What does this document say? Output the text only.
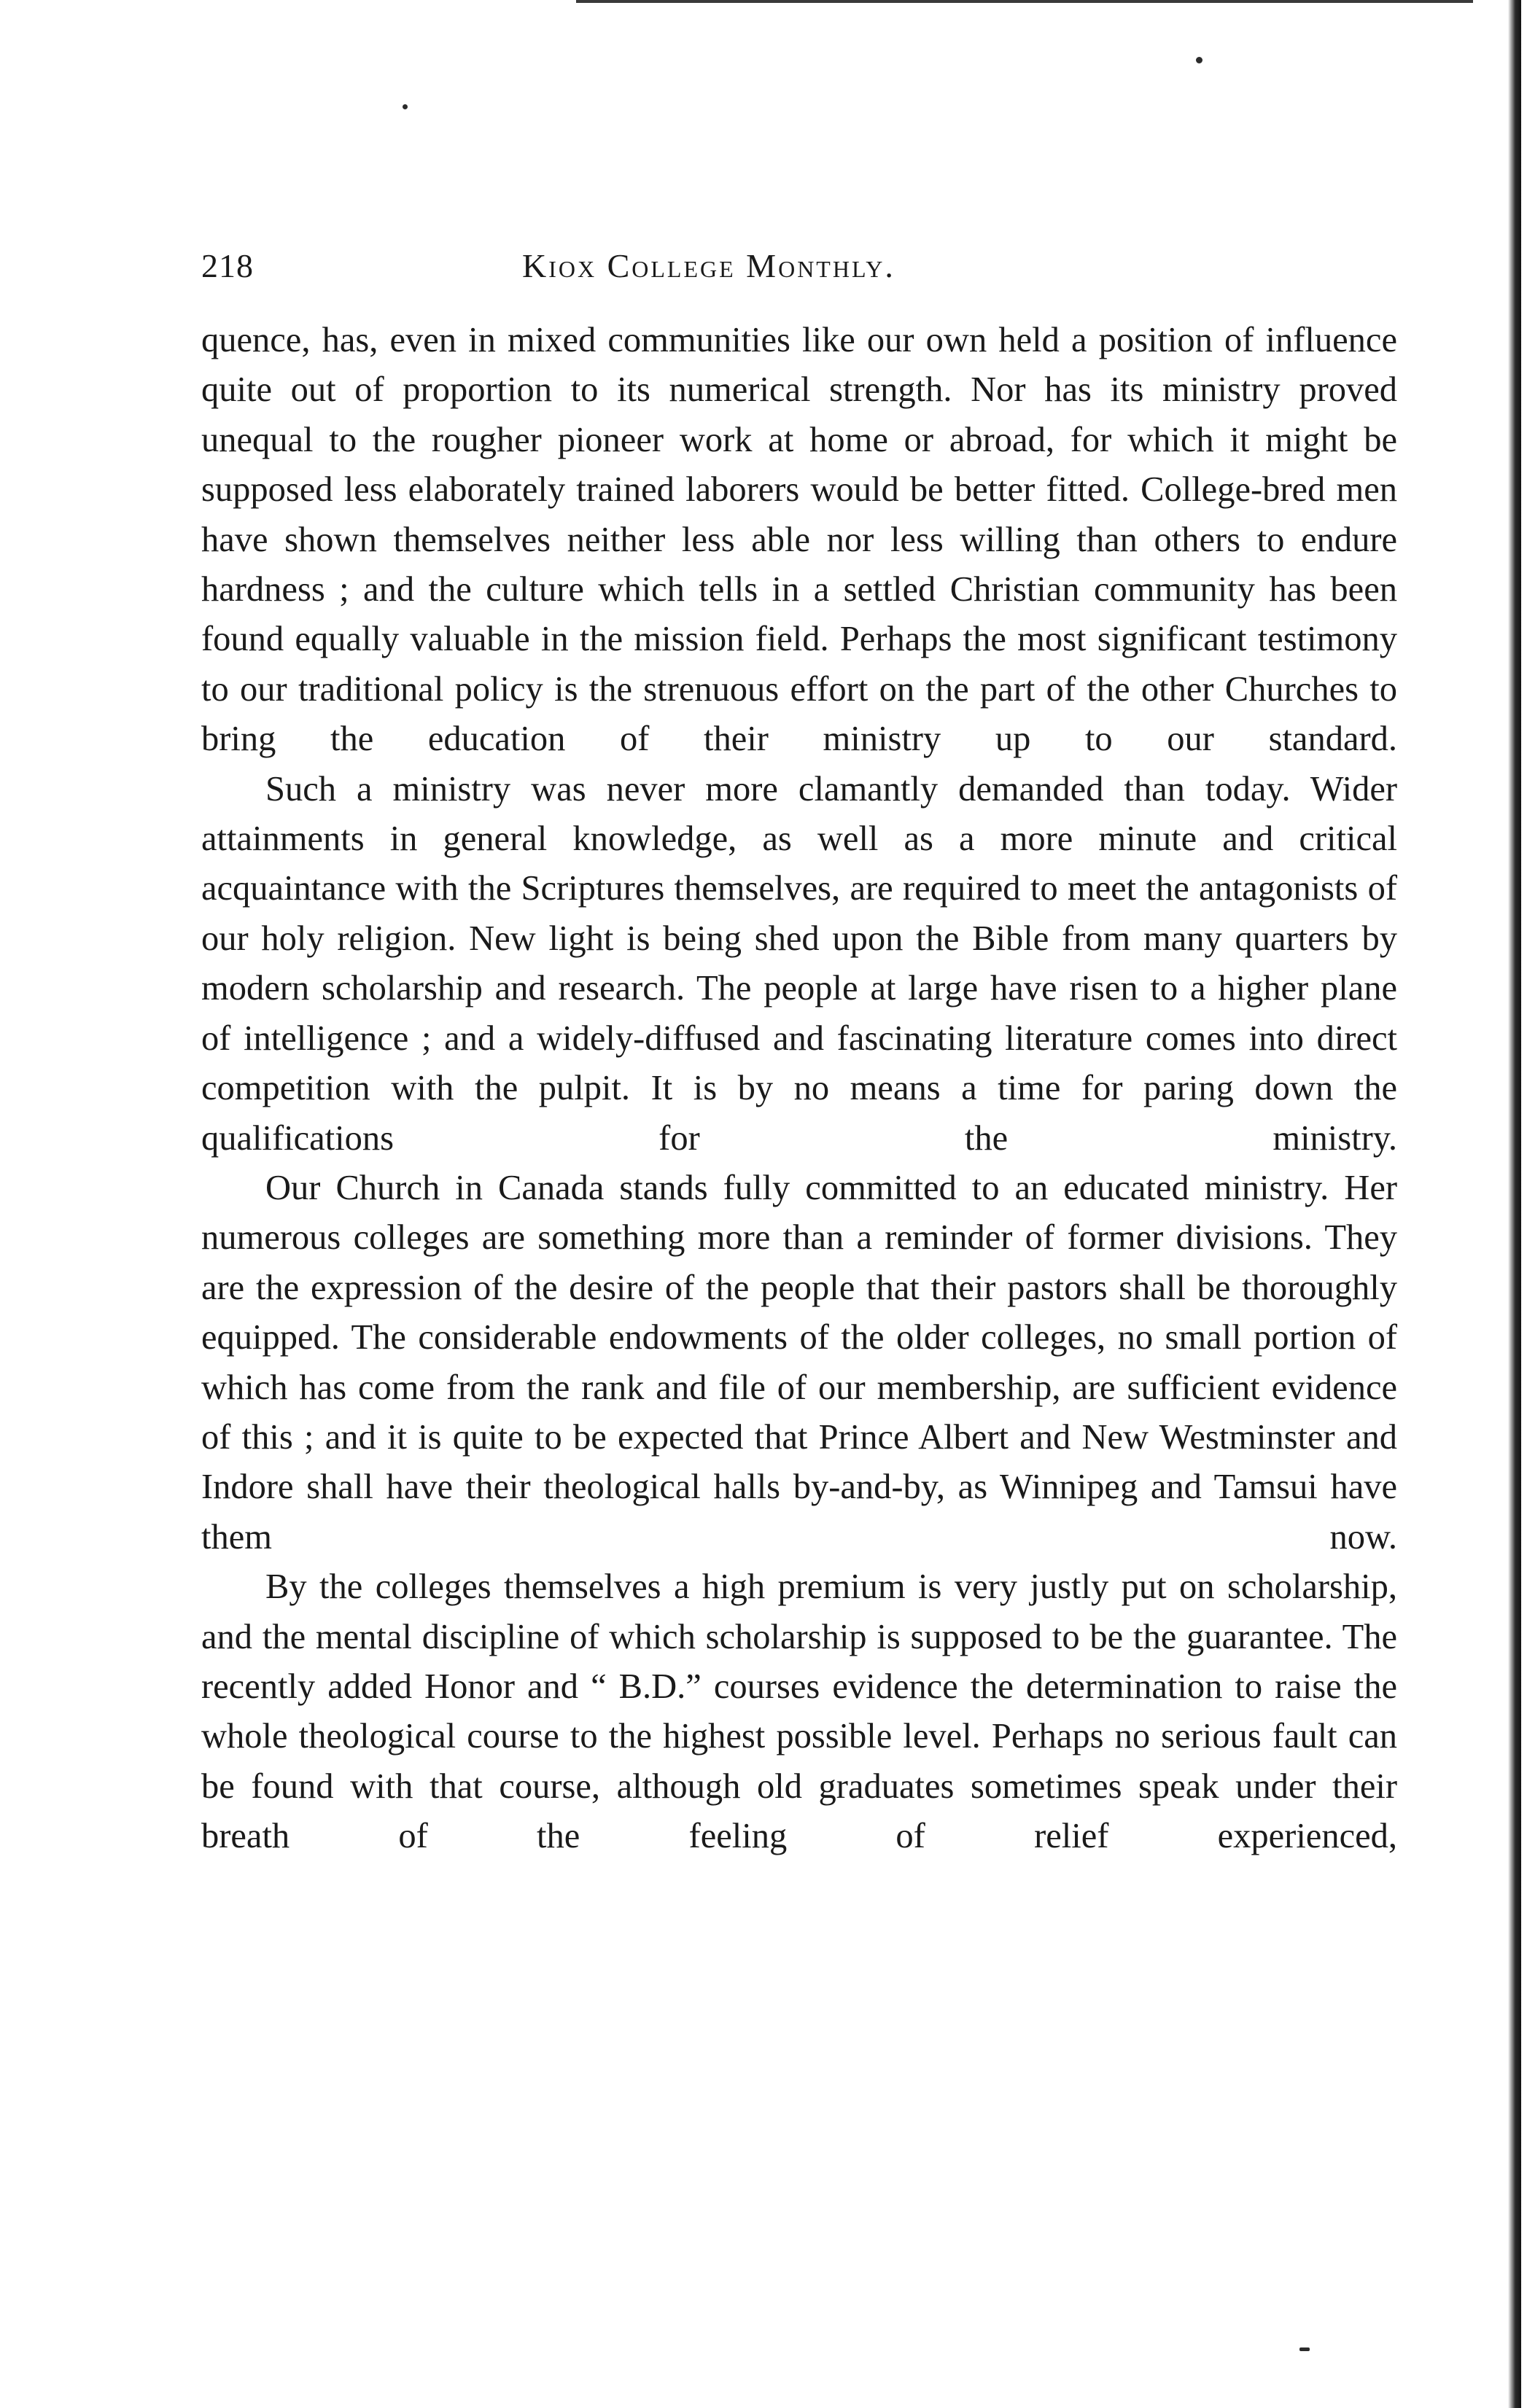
218	Kiox College Monthly.

quence, has, even in mixed communities like our own held a position of influence quite out of proportion to its numerical strength. Nor has its ministry proved unequal to the rougher pioneer work at home or abroad, for which it might be supposed less elaborately trained laborers would be better fitted. College-bred men have shown themselves neither less able nor less willing than others to endure hardness ; and the culture which tells in a settled Christian community has been found equally valuable in the mission field. Perhaps the most significant testimony to our traditional policy is the strenuous effort on the part of the other Churches to bring the education of their ministry up to our standard.

Such a ministry was never more clamantly demanded than today. Wider attainments in general knowledge, as well as a more minute and critical acquaintance with the Scriptures themselves, are required to meet the antagonists of our holy religion. New light is being shed upon the Bible from many quarters by modern scholarship and research. The people at large have risen to a higher plane of intelligence ; and a widely-diffused and fascinating literature comes into direct competition with the pulpit. It is by no means a time for paring down the qualifications for the ministry.

Our Church in Canada stands fully committed to an educated ministry. Her numerous colleges are something more than a reminder of former divisions. They are the expression of the desire of the people that their pastors shall be thoroughly equipped. The considerable endowments of the older colleges, no small portion of which has come from the rank and file of our membership, are sufficient evidence of this ; and it is quite to be expected that Prince Albert and New Westminster and Indore shall have their theological halls by-and-by, as Winnipeg and Tamsui have them now.

By the colleges themselves a high premium is very justly put on scholarship, and the mental discipline of which scholarship is supposed to be the guarantee. The recently added Honor and “ B.D.” courses evidence the determination to raise the whole theological course to the highest possible level. Perhaps no serious fault can be found with that course, although old graduates sometimes speak under their breath of the feeling of relief experienced,
